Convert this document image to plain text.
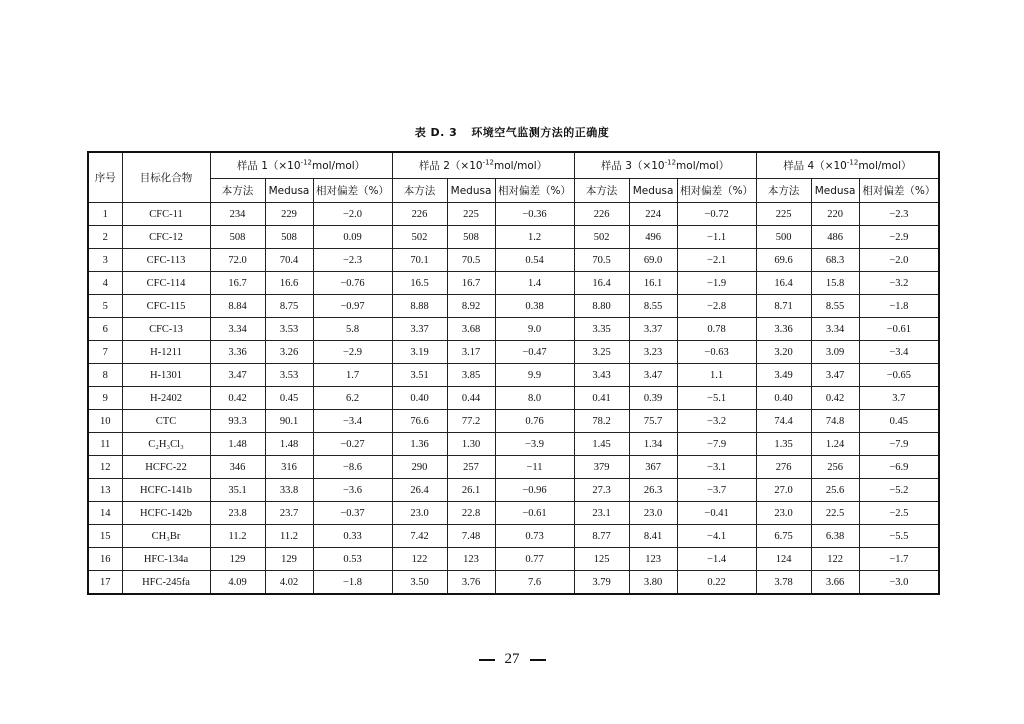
表 D. 3 环境空气监测方法的正确度
序号	目标化合物	样品 $1(\times 10^{-12}mol/mol)$			样品 $2(\times 10^{-12}mol/mol)$			样品 $3(\times 10^{-12}mol/mol)$			样品 $4(\times 10^{-12}mol/mol)$		
		本方法	Medusa	相对偏差（%）	本方法	Medusa	相对偏差（%）	本方法	Medusa	相对偏差（%）	本方法	Medusa	相对偏差（%）
1	CFC-11	234	229	−2.0	226	225	−0.36	226	224	−0.72	225	220	−2.3
2	CFC-12	508	508	0.09	502	508	1.2	502	496	−1.1	500	486	−2.9
3	CFC-113	72.0	70.4	−2.3	70.1	70.5	0.54	70.5	69.0	−2.1	69.6	68.3	−2.0
4	CFC-114	16.7	16.6	−0.76	16.5	16.7	1.4	16.4	16.1	−1.9	16.4	15.8	−3.2
5	CFC-115	8.84	8.75	−0.97	8.88	8.92	0.38	8.80	8.55	−2.8	8.71	8.55	−1.8
6	CFC-13	3.34	3.53	5.8	3.37	3.68	9.0	3.35	3.37	0.78	3.36	3.34	−0.61
7	H-1211	3.36	3.26	−2.9	3.19	3.17	−0.47	3.25	3.23	−0.63	3.20	3.09	−3.4
8	H-1301	3.47	3.53	1.7	3.51	3.85	9.9	3.43	3.47	1.1	3.49	3.47	−0.65
9	H-2402	0.42	0.45	6.2	0.40	0.44	8.0	0.41	0.39	−5.1	0.40	0.42	3.7
10	CTC	93.3	90.1	−3.4	76.6	77.2	0.76	78.2	75.7	−3.2	74.4	74.8	0.45
11	C₂H₃Cl₃	1.48	1.48	−0.27	1.36	1.30	−3.9	1.45	1.34	−7.9	1.35	1.24	−7.9
12	HCFC-22	346	316	−8.6	290	257	−11	379	367	−3.1	276	256	−6.9
13	HCFC-141b	35.1	33.8	−3.6	26.4	26.1	−0.96	27.3	26.3	−3.7	27.0	25.6	−5.2
14	HCFC-142b	23.8	23.7	−0.37	23.0	22.8	−0.61	23.1	23.0	−0.41	23.0	22.5	−2.5
15	CH₃Br	11.2	11.2	0.33	7.42	7.48	0.73	8.77	8.41	−4.1	6.75	6.38	−5.5
16	HFC-134a	129	129	0.53	122	123	0.77	125	123	−1.4	124	122	−1.7
17	HFC-245fa	4.09	4.02	−1.8	3.50	3.76	7.6	3.79	3.80	0.22	3.78	3.66	−3.0
27
